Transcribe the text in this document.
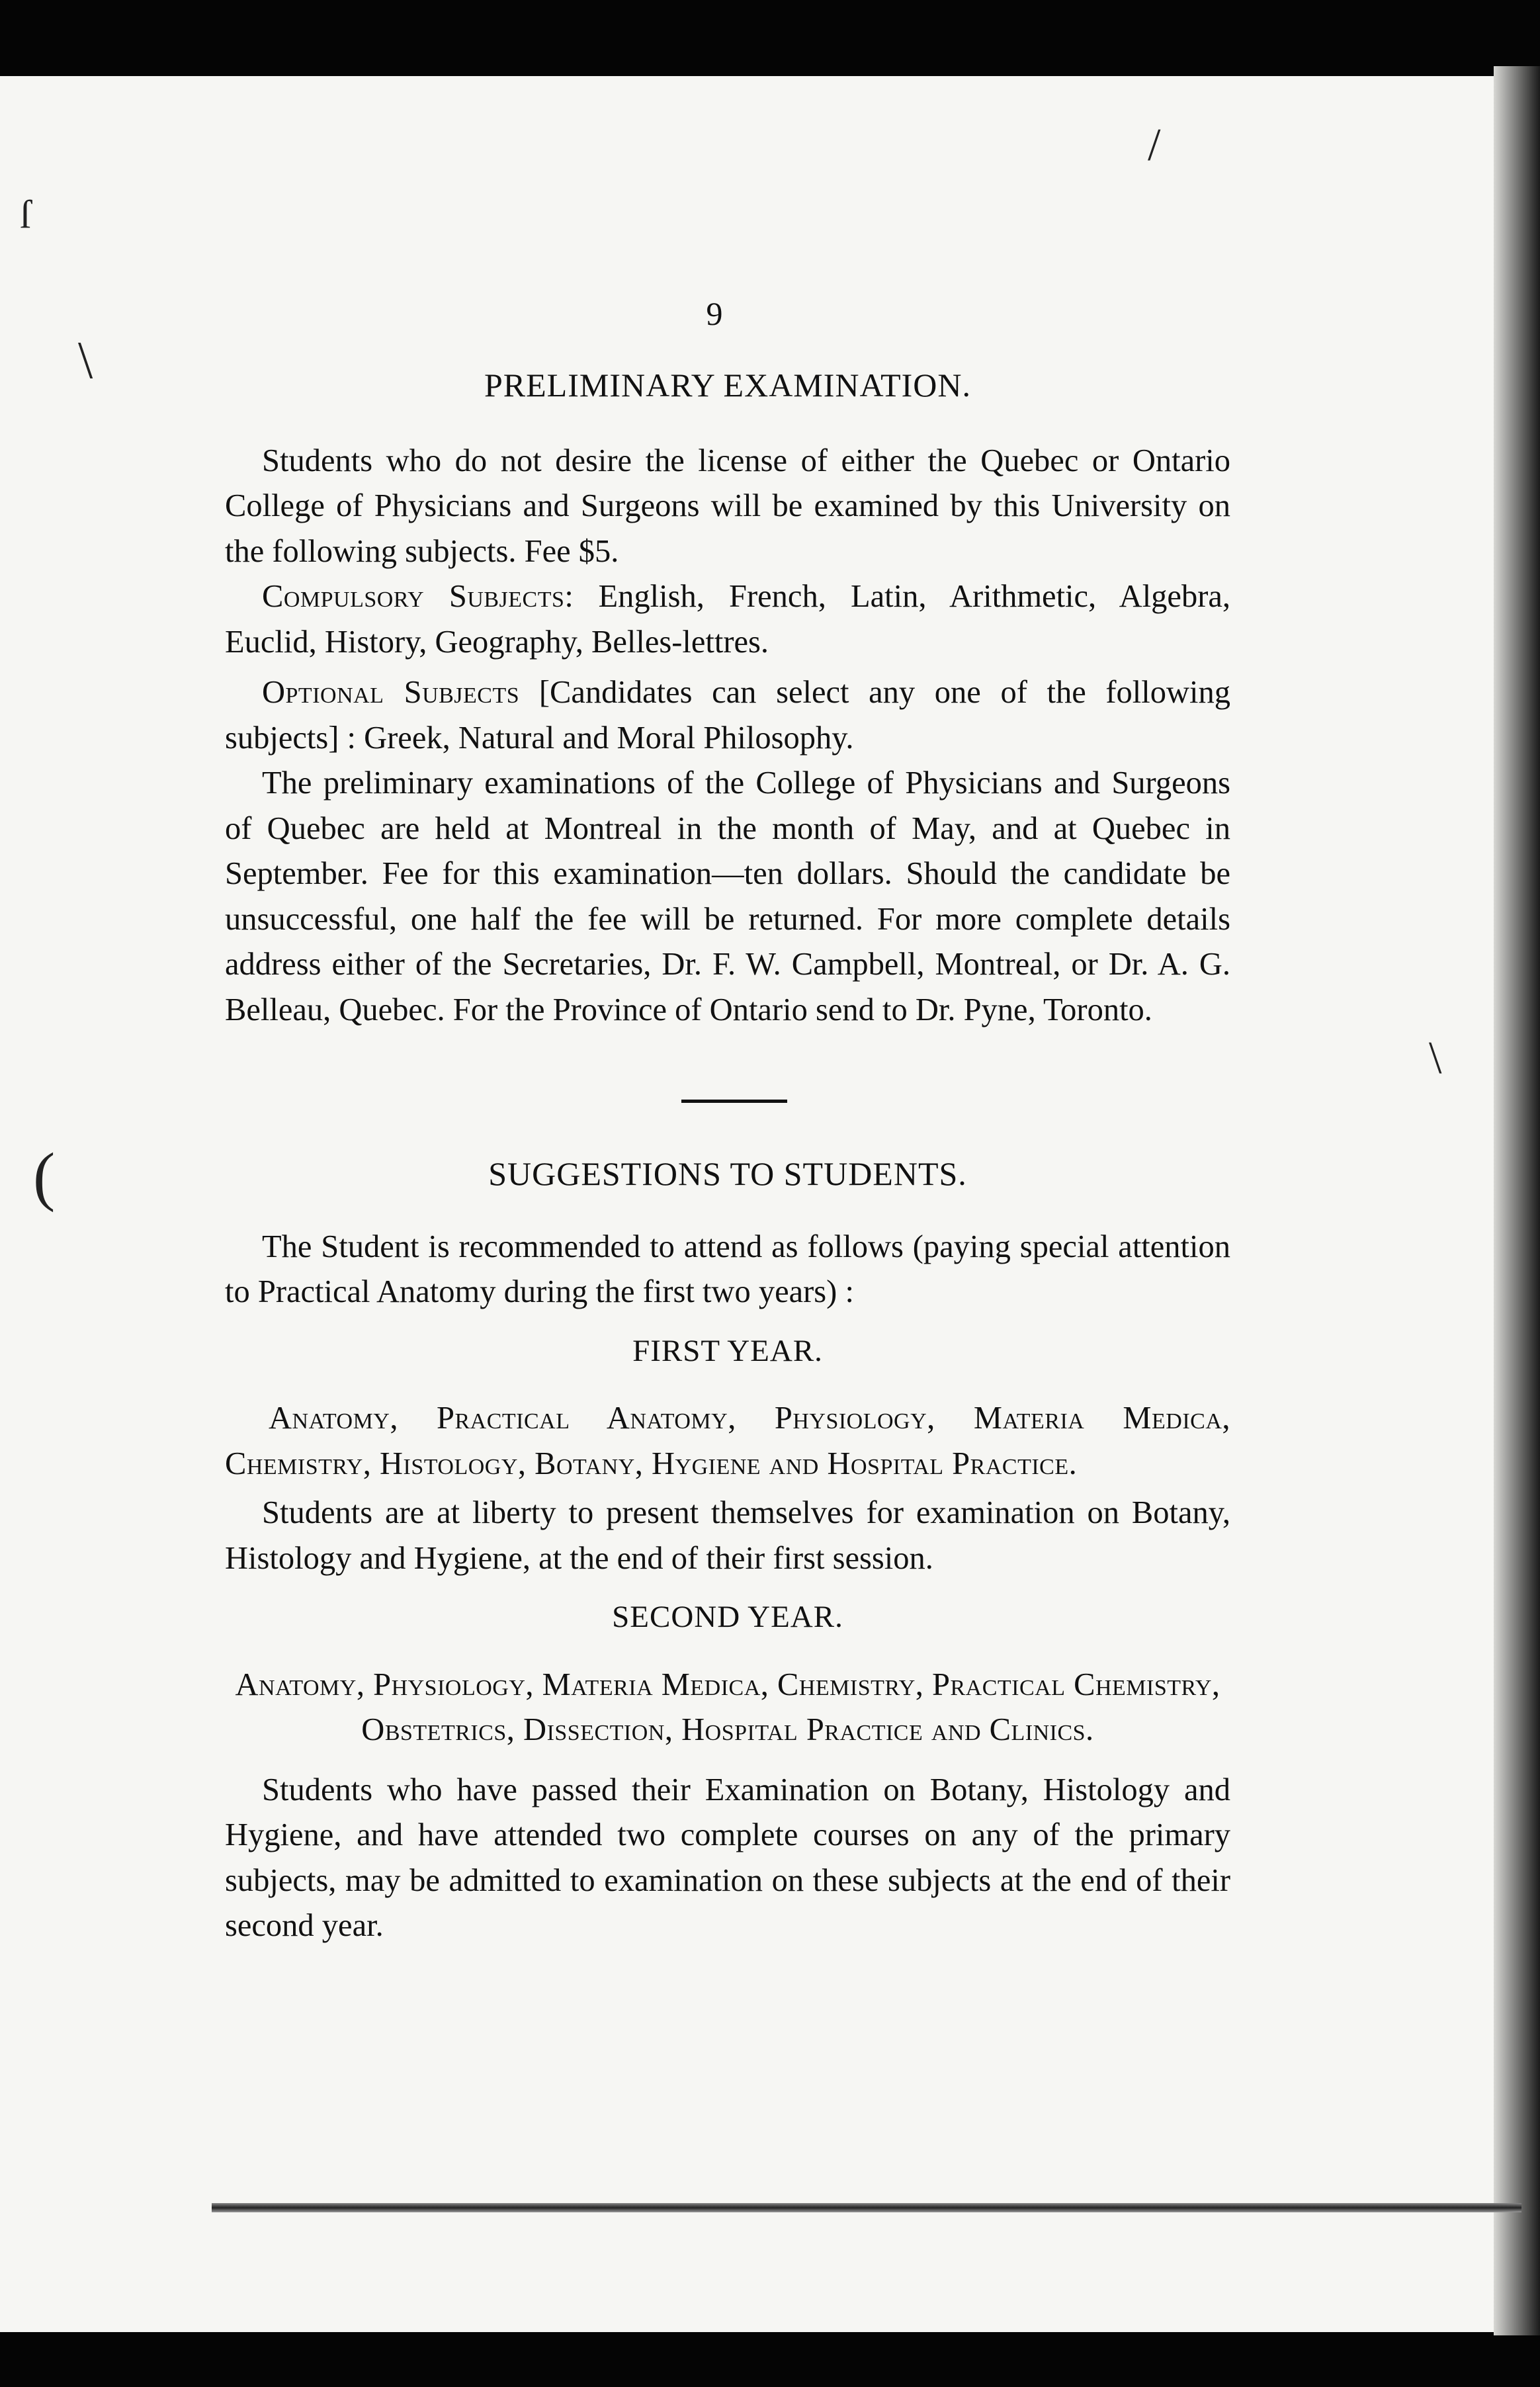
ſ
\
/
\
(
9
PRELIMINARY EXAMINATION.

Students who do not desire the license of either the Quebec or Ontario College of Physicians and Surgeons will be examined by this University on the following subjects. Fee $5.

Compulsory Subjects: English, French, Latin, Arithmetic, Algebra, Euclid, History, Geography, Belles-lettres.

Optional Subjects [Candidates can select any one of the following subjects] : Greek, Natural and Moral Philosophy.

The preliminary examinations of the College of Physicians and Surgeons of Quebec are held at Montreal in the month of May, and at Quebec in September. Fee for this examination—ten dollars. Should the candidate be unsuccessful, one half the fee will be returned. For more complete details address either of the Secretaries, Dr. F. W. Campbell, Montreal, or Dr. A. G. Belleau, Quebec. For the Province of Ontario send to Dr. Pyne, Toronto.

SUGGESTIONS TO STUDENTS.

The Student is recommended to attend as follows (paying special attention to Practical Anatomy during the first two years) :

FIRST YEAR.

Anatomy, Practical Anatomy, Physiology, Materia Medica, Chemistry, Histology, Botany, Hygiene and Hospital Practice.

Students are at liberty to present themselves for examination on Botany, Histology and Hygiene, at the end of their first session.

SECOND YEAR.

Anatomy, Physiology, Materia Medica, Chemistry, Practical Chemistry, Obstetrics, Dissection, Hospital Practice and Clinics.

Students who have passed their Examination on Botany, Histology and Hygiene, and have attended two complete courses on any of the primary subjects, may be admitted to examination on these subjects at the end of their second year.
